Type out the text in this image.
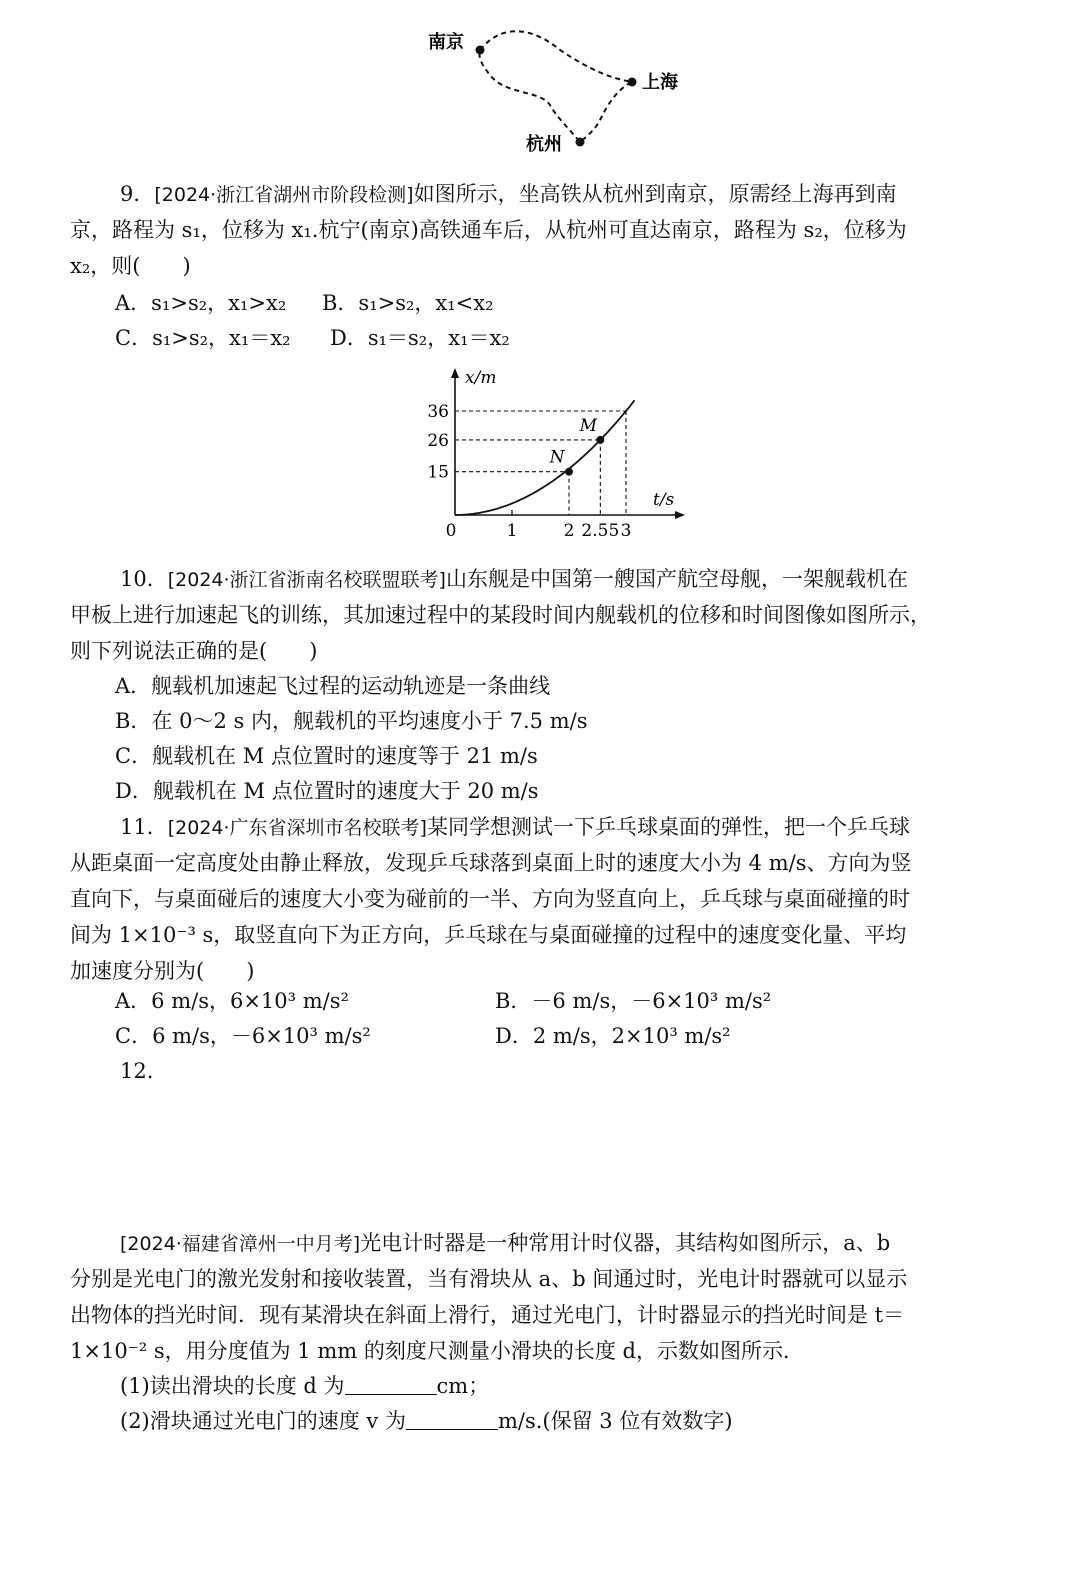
南京
上海
杭州
9．[2024·浙江省湖州市阶段检测]如图所示，坐高铁从杭州到南京，原需经上海再到南
京，路程为 s₁，位移为 x₁.杭宁(南京)高铁通车后，从杭州可直达南京，路程为 s₂，位移为
x₂，则(　　)
A．s₁>s₂，x₁>x₂ B．s₁>s₂，x₁<x₂
C．s₁>s₂，x₁＝x₂ D．s₁＝s₂，x₁＝x₂
x/m
t/s
15
26
36
0	1	2 2.55 3
N
M
10．[2024·浙江省浙南名校联盟联考]山东舰是中国第一艘国产航空母舰，一架舰载机在
甲板上进行加速起飞的训练，其加速过程中的某段时间内舰载机的位移和时间图像如图所示，
则下列说法正确的是(　　)
A．舰载机加速起飞过程的运动轨迹是一条曲线
B．在 0～2 s 内，舰载机的平均速度小于 7.5 m/s
C．舰载机在 M 点位置时的速度等于 21 m/s
D．舰载机在 M 点位置时的速度大于 20 m/s
11．[2024·广东省深圳市名校联考]某同学想测试一下乒乓球桌面的弹性，把一个乒乓球
从距桌面一定高度处由静止释放，发现乒乓球落到桌面上时的速度大小为 4 m/s、方向为竖
直向下，与桌面碰后的速度大小变为碰前的一半、方向为竖直向上，乒乓球与桌面碰撞的时
间为 1×10⁻³ s，取竖直向下为正方向，乒乓球在与桌面碰撞的过程中的速度变化量、平均
加速度分别为(　　)
A．6 m/s，6×10³ m/s²	B．－6 m/s，－6×10³ m/s²
C．6 m/s，－6×10³ m/s²	D．2 m/s，2×10³ m/s²
12.
[2024·福建省漳州一中月考]光电计时器是一种常用计时仪器，其结构如图所示，a、b
分别是光电门的激光发射和接收装置，当有滑块从 a、b 间通过时，光电计时器就可以显示
出物体的挡光时间．现有某滑块在斜面上滑行，通过光电门，计时器显示的挡光时间是 t＝
1×10⁻² s，用分度值为 1 mm 的刻度尺测量小滑块的长度 d，示数如图所示．
(1)读出滑块的长度 d 为	cm；
(2)滑块通过光电门的速度 v 为	m/s.(保留 3 位有效数字)
